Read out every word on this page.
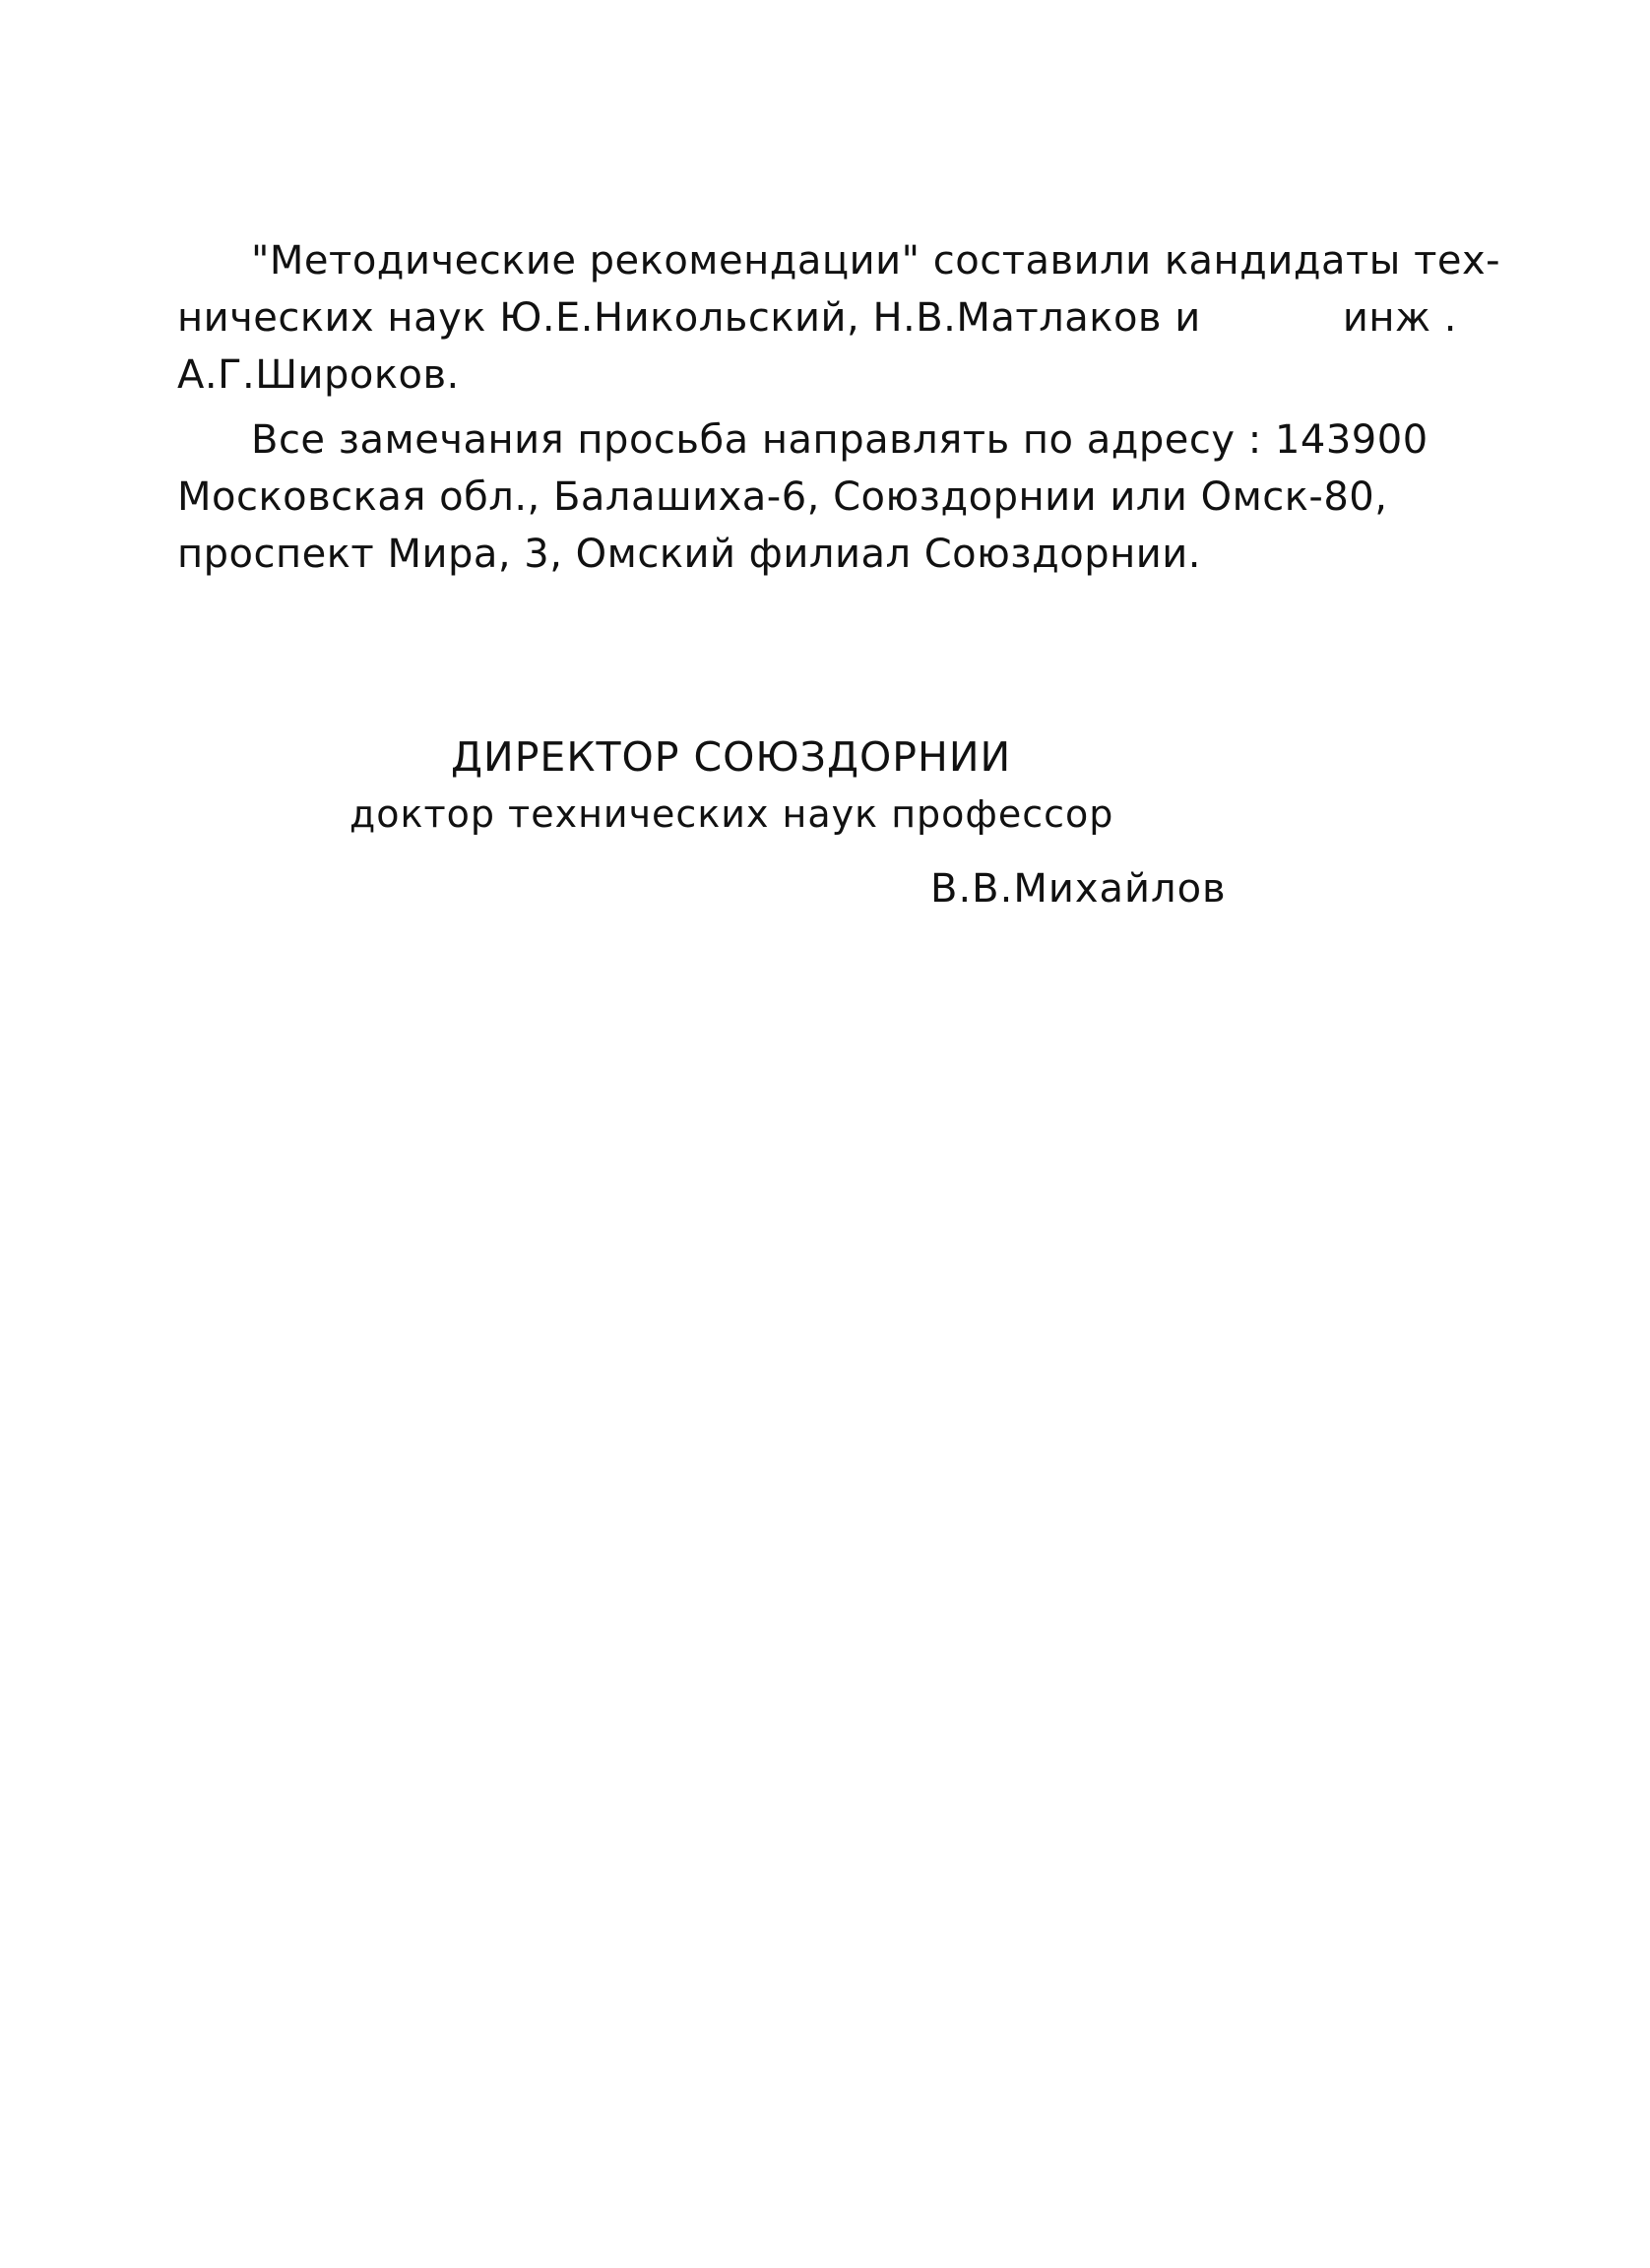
"Методические рекомендации" составили кандидаты тех-
нических наук Ю.Е.Никольский, Н.В.Матлаков и	инж .
А.Г.Широков.
Все замечания просьба направлять по адресу : 143900
Московская обл., Балашиха-6, Союздорнии или Омск-80,
проспект Мира, 3, Омский филиал Союздорнии.
ДИРЕКТОР СОЮЗДОРНИИ
доктор технических наук профессор
В.В.Михайлов
